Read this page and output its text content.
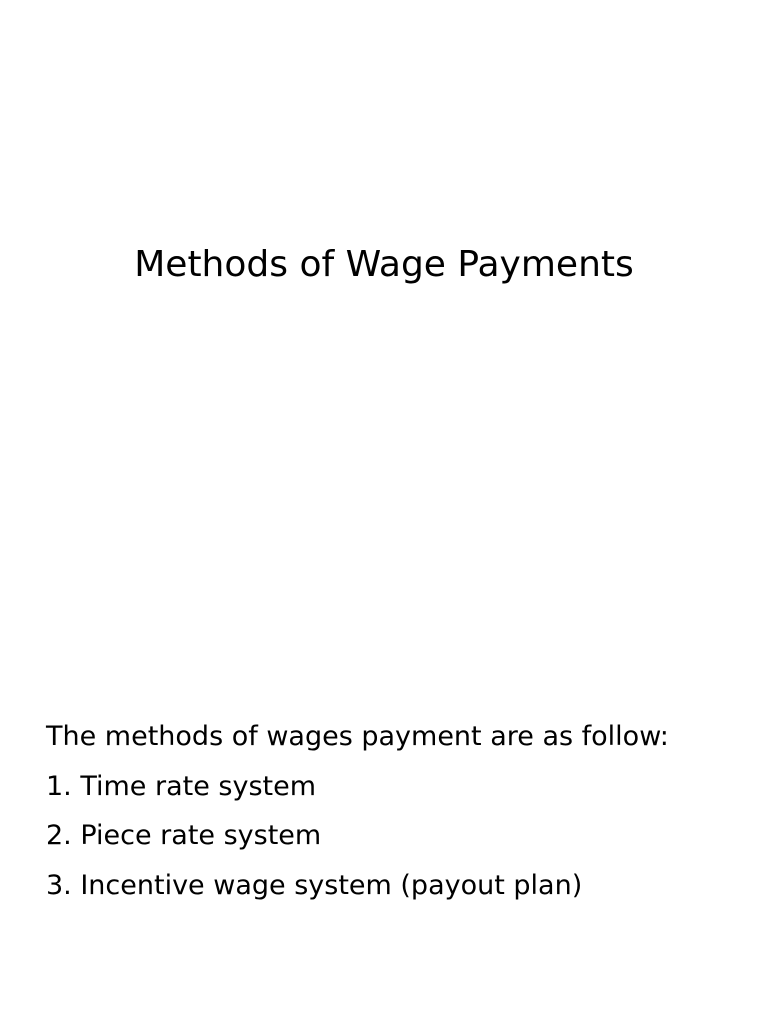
Methods of Wage Payments
The methods of wages payment are as follow:
1. Time rate system
2. Piece rate system
3. Incentive wage system (payout plan)
